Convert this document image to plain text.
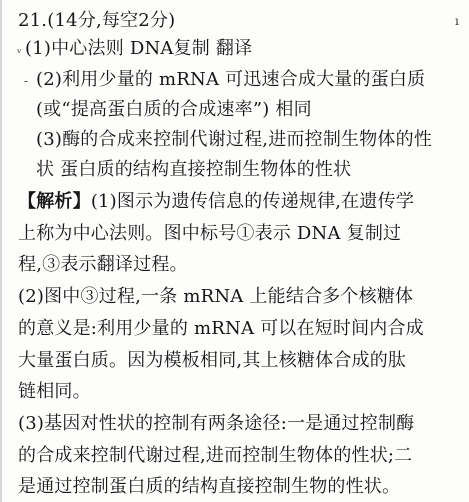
21.(14分,每空2分)	ı
ᵥ (1)中心法则 DNA复制 翻译
- (2)利用少量的 mRNA 可迅速合成大量的蛋白质
(或“提高蛋白质的合成速率”) 相同
(3)酶的合成来控制代谢过程,进而控制生物体的性
状 蛋白质的结构直接控制生物体的性状
【解析】(1)图示为遗传信息的传递规律,在遗传学
上称为中心法则。图中标号①表示 DNA 复制过
程,③表示翻译过程。
(2)图中③过程,一条 mRNA 上能结合多个核糖体
的意义是:利用少量的 mRNA 可以在短时间内合成
大量蛋白质。因为模板相同,其上核糖体合成的肽
链相同。
(3)基因对性状的控制有两条途径:一是通过控制酶
的合成来控制代谢过程,进而控制生物体的性状;二
是通过控制蛋白质的结构直接控制生物的性状。
